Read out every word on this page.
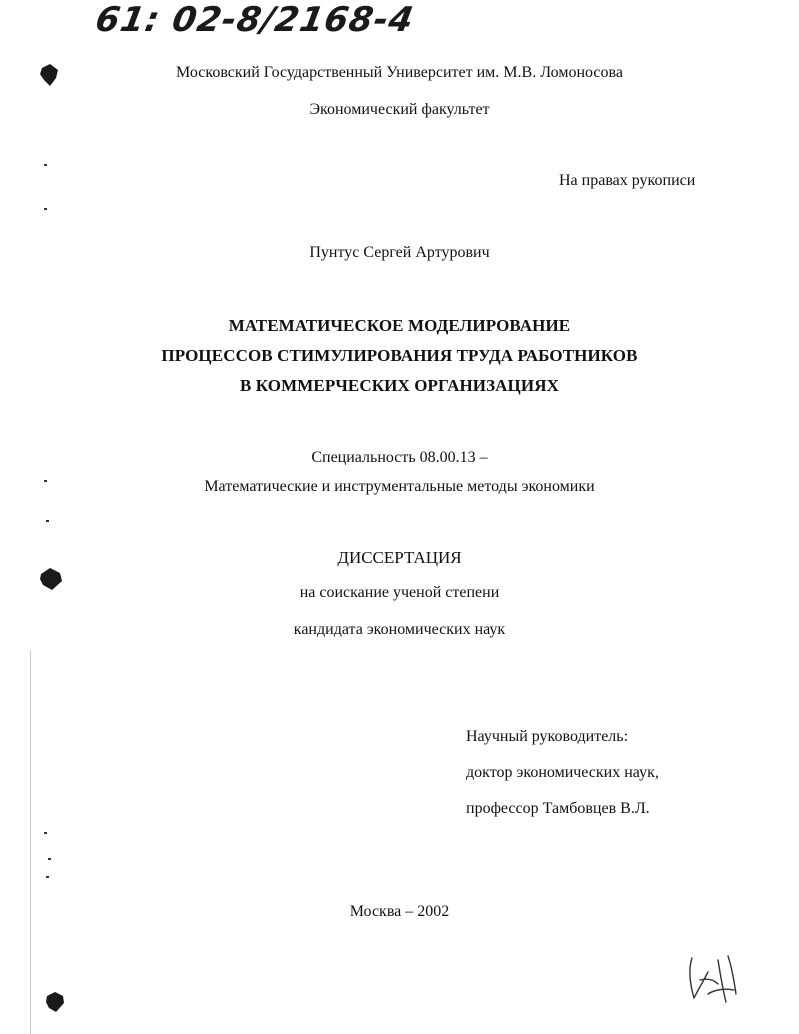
61: 02-8/2168-4
Московский Государственный Университет им. М.В. Ломоносова
Экономический факультет
На правах рукописи
Пунтус Сергей Артурович
МАТЕМАТИЧЕСКОЕ МОДЕЛИРОВАНИЕ
ПРОЦЕССОВ СТИМУЛИРОВАНИЯ ТРУДА РАБОТНИКОВ
В КОММЕРЧЕСКИХ ОРГАНИЗАЦИЯХ
Специальность 08.00.13 –
Математические и инструментальные методы экономики
ДИССЕРТАЦИЯ
на соискание ученой степени
кандидата экономических наук
Научный руководитель:
доктор экономических наук,
профессор Тамбовцев В.Л.
Москва – 2002
